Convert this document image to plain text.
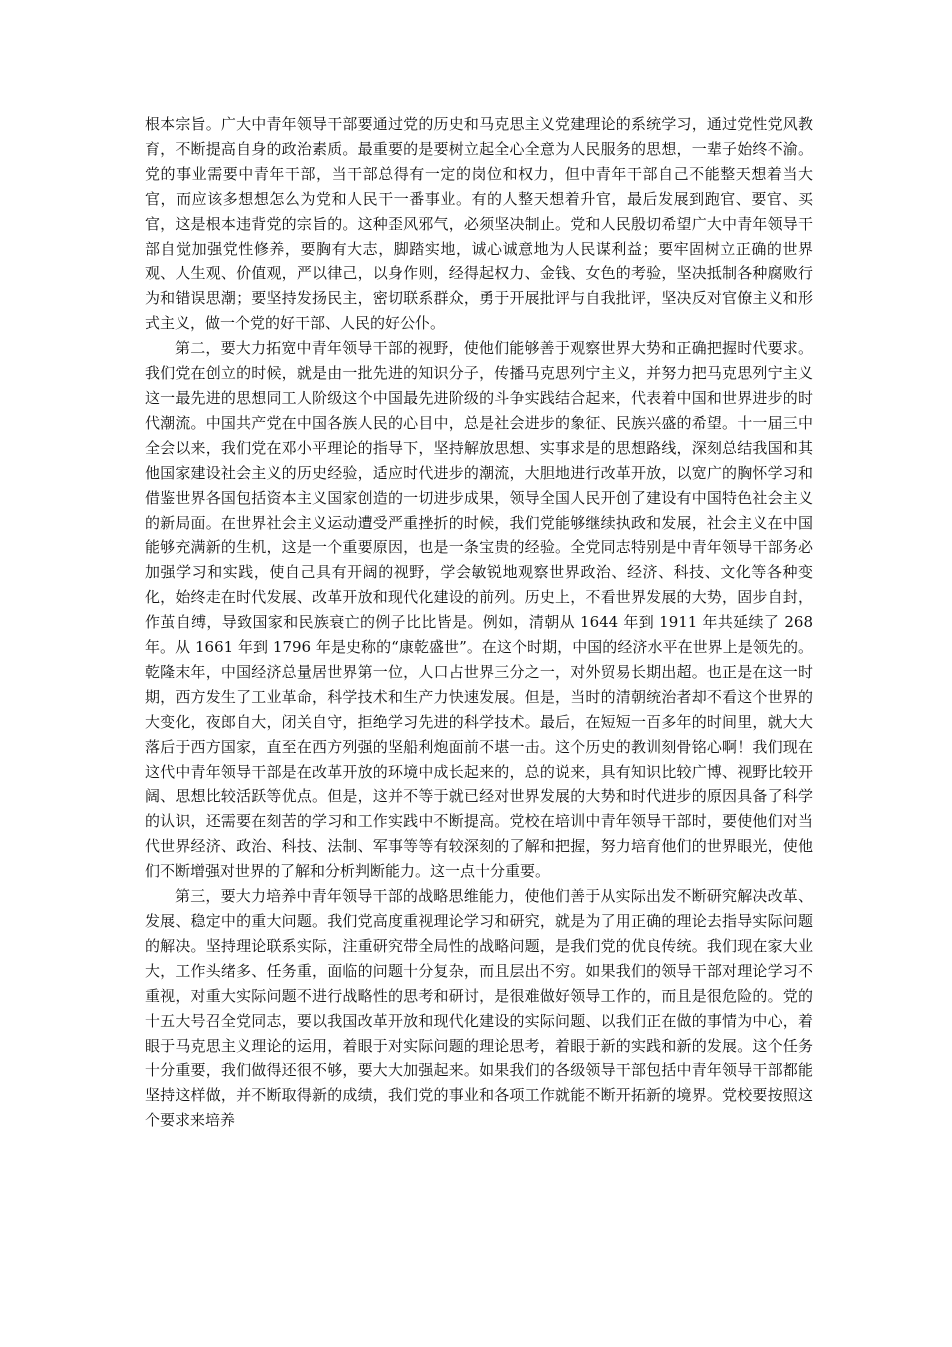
根本宗旨。广大中青年领导干部要通过党的历史和马克思主义党建理论的系统学习，通过党性党风教育，不断提高自身的政治素质。最重要的是要树立起全心全意为人民服务的思想，一辈子始终不渝。党的事业需要中青年干部，当干部总得有一定的岗位和权力，但中青年干部自己不能整天想着当大官，而应该多想想怎么为党和人民干一番事业。有的人整天想着升官，最后发展到跑官、要官、买官，这是根本违背党的宗旨的。这种歪风邪气，必须坚决制止。党和人民殷切希望广大中青年领导干部自觉加强党性修养，要胸有大志，脚踏实地，诚心诚意地为人民谋利益；要牢固树立正确的世界观、人生观、价值观，严以律己，以身作则，经得起权力、金钱、女色的考验，坚决抵制各种腐败行为和错误思潮；要坚持发扬民主，密切联系群众，勇于开展批评与自我批评，坚决反对官僚主义和形式主义，做一个党的好干部、人民的好公仆。

第二，要大力拓宽中青年领导干部的视野，使他们能够善于观察世界大势和正确把握时代要求。我们党在创立的时候，就是由一批先进的知识分子，传播马克思列宁主义，并努力把马克思列宁主义这一最先进的思想同工人阶级这个中国最先进阶级的斗争实践结合起来，代表着中国和世界进步的时代潮流。中国共产党在中国各族人民的心目中，总是社会进步的象征、民族兴盛的希望。十一届三中全会以来，我们党在邓小平理论的指导下，坚持解放思想、实事求是的思想路线，深刻总结我国和其他国家建设社会主义的历史经验，适应时代进步的潮流，大胆地进行改革开放，以宽广的胸怀学习和借鉴世界各国包括资本主义国家创造的一切进步成果，领导全国人民开创了建设有中国特色社会主义的新局面。在世界社会主义运动遭受严重挫折的时候，我们党能够继续执政和发展，社会主义在中国能够充满新的生机，这是一个重要原因，也是一条宝贵的经验。全党同志特别是中青年领导干部务必加强学习和实践，使自己具有开阔的视野，学会敏锐地观察世界政治、经济、科技、文化等各种变化，始终走在时代发展、改革开放和现代化建设的前列。历史上，不看世界发展的大势，固步自封，作茧自缚，导致国家和民族衰亡的例子比比皆是。例如，清朝从 1644 年到 1911 年共延续了 268 年。从 1661 年到 1796 年是史称的“康乾盛世”。在这个时期，中国的经济水平在世界上是领先的。乾隆末年，中国经济总量居世界第一位，人口占世界三分之一，对外贸易长期出超。也正是在这一时期，西方发生了工业革命，科学技术和生产力快速发展。但是，当时的清朝统治者却不看这个世界的大变化，夜郎自大，闭关自守，拒绝学习先进的科学技术。最后，在短短一百多年的时间里，就大大落后于西方国家，直至在西方列强的坚船利炮面前不堪一击。这个历史的教训刻骨铭心啊！我们现在这代中青年领导干部是在改革开放的环境中成长起来的，总的说来，具有知识比较广博、视野比较开阔、思想比较活跃等优点。但是，这并不等于就已经对世界发展的大势和时代进步的原因具备了科学的认识，还需要在刻苦的学习和工作实践中不断提高。党校在培训中青年领导干部时，要使他们对当代世界经济、政治、科技、法制、军事等等有较深刻的了解和把握，努力培育他们的世界眼光，使他们不断增强对世界的了解和分析判断能力。这一点十分重要。

第三，要大力培养中青年领导干部的战略思维能力，使他们善于从实际出发不断研究解决改革、发展、稳定中的重大问题。我们党高度重视理论学习和研究，就是为了用正确的理论去指导实际问题的解决。坚持理论联系实际，注重研究带全局性的战略问题，是我们党的优良传统。我们现在家大业大，工作头绪多、任务重，面临的问题十分复杂，而且层出不穷。如果我们的领导干部对理论学习不重视，对重大实际问题不进行战略性的思考和研讨，是很难做好领导工作的，而且是很危险的。党的十五大号召全党同志，要以我国改革开放和现代化建设的实际问题、以我们正在做的事情为中心，着眼于马克思主义理论的运用，着眼于对实际问题的理论思考，着眼于新的实践和新的发展。这个任务十分重要，我们做得还很不够，要大大加强起来。如果我们的各级领导干部包括中青年领导干部都能坚持这样做，并不断取得新的成绩，我们党的事业和各项工作就能不断开拓新的境界。党校要按照这个要求来培养
